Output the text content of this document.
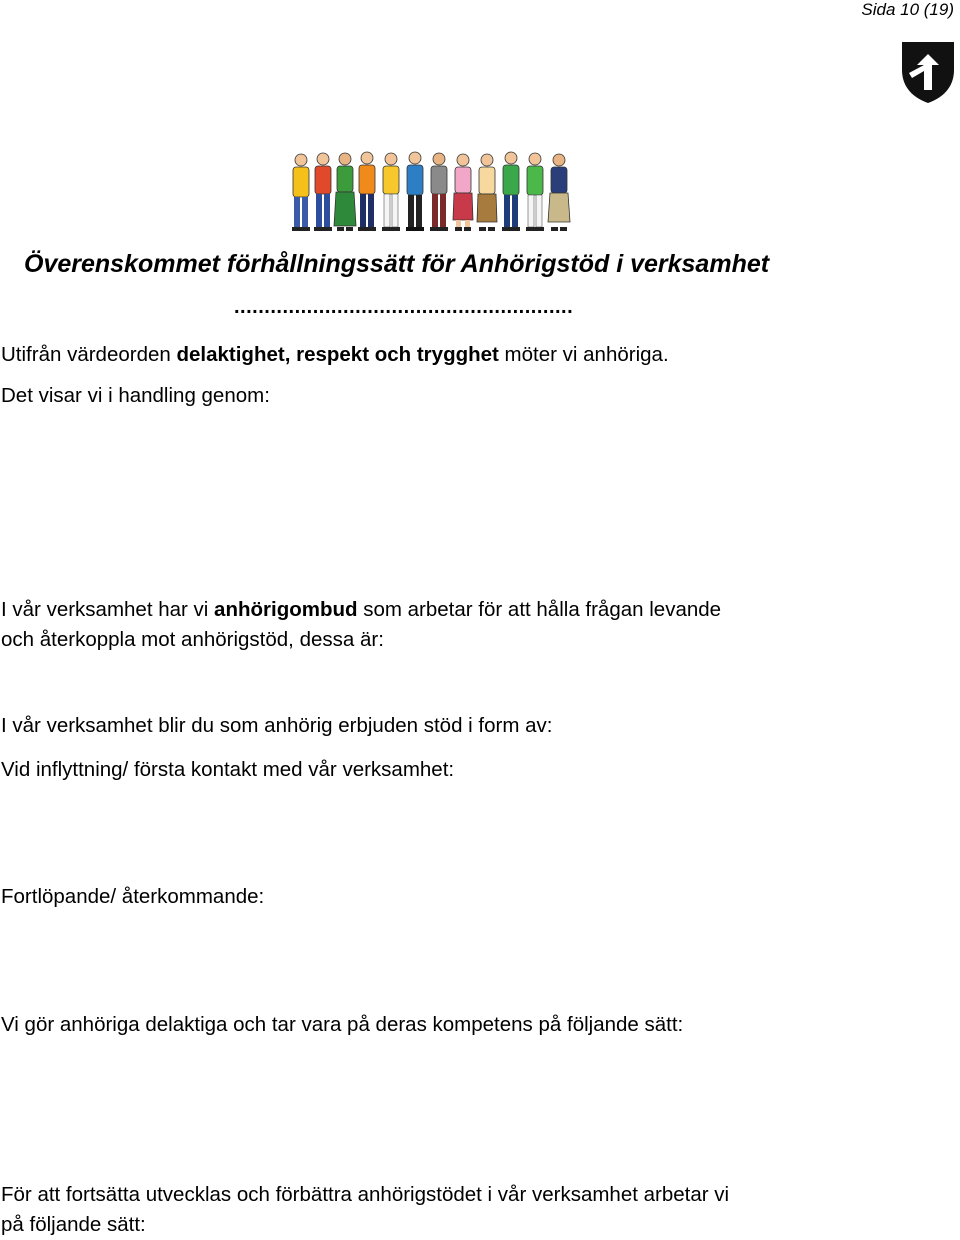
Sida 10 (19)
Överenskommet förhållningssätt för Anhörigstöd i verksamhet
........................................................
Utifrån värdeorden delaktighet, respekt och trygghet möter vi anhöriga.
Det visar vi i handling genom:
I vår verksamhet har vi anhörigombud som arbetar för att hålla frågan levande
och återkoppla mot anhörigstöd, dessa är:
I vår verksamhet blir du som anhörig erbjuden stöd i form av:
Vid inflyttning/ första kontakt med vår verksamhet:
Fortlöpande/ återkommande:
Vi gör anhöriga delaktiga och tar vara på deras kompetens på följande sätt:
För att fortsätta utvecklas och förbättra anhörigstödet i vår verksamhet arbetar vi
på följande sätt:
